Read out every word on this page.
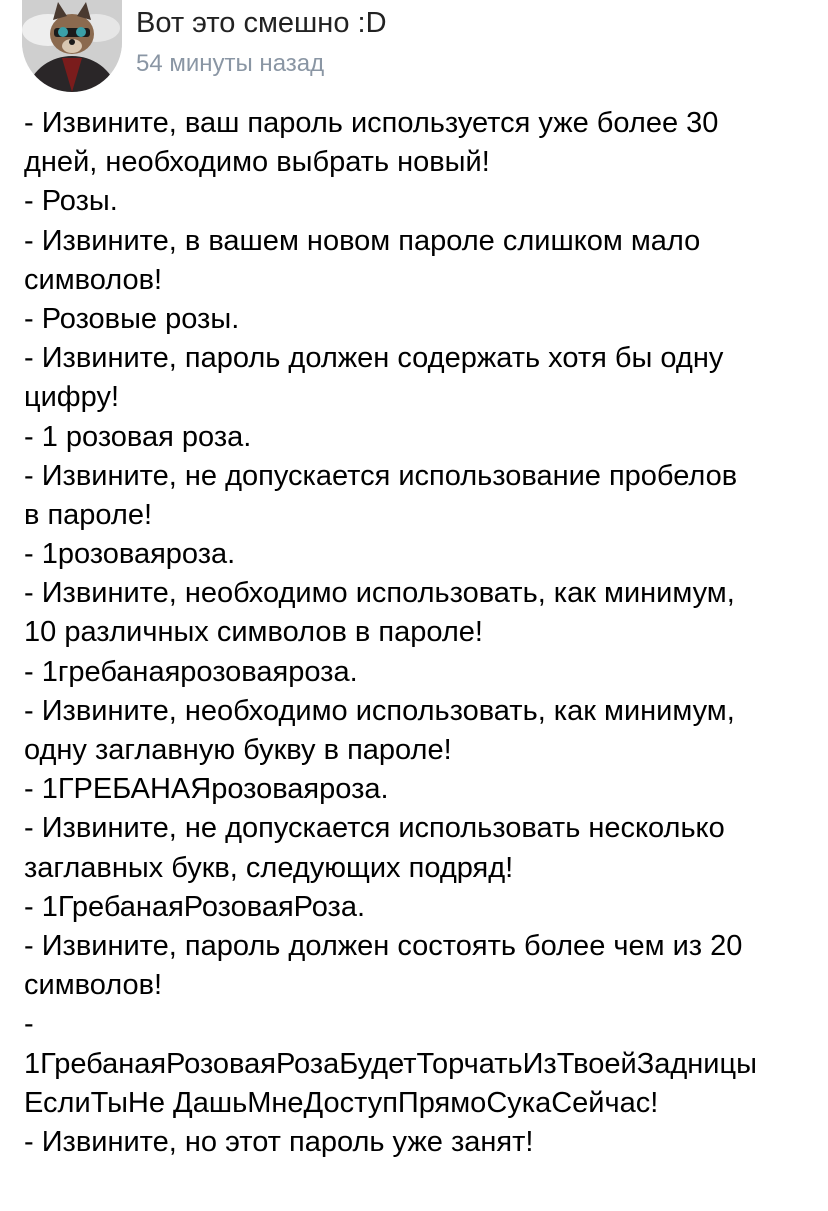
Вот это смешно :D
54 минуты назад
- Извините, ваш пароль используется уже более 30
дней, необходимо выбрать новый!
- Розы.
- Извините, в вашем новом пароле слишком мало
символов!
- Розовые розы.
- Извините, пароль должен содержать хотя бы одну
цифру!
- 1 розовая роза.
- Извините, не допускается использование пробелов
в пароле!
- 1розоваяроза.
- Извините, необходимо использовать, как минимум,
10 различных символов в пароле!
- 1гребанаярозоваяроза.
- Извините, необходимо использовать, как минимум,
одну заглавную букву в пароле!
- 1ГРЕБАНАЯрозоваяроза.
- Извините, не допускается использовать несколько
заглавных букв, следующих подряд!
- 1ГребанаяРозоваяРоза.
- Извините, пароль должен состоять более чем из 20
символов!
-
1ГребанаяРозоваяРозаБудетТорчатьИзТвоейЗадницы
ЕслиТыНе ДашьМнеДоступПрямоСукаСейчас!
- Извините, но этот пароль уже занят!
